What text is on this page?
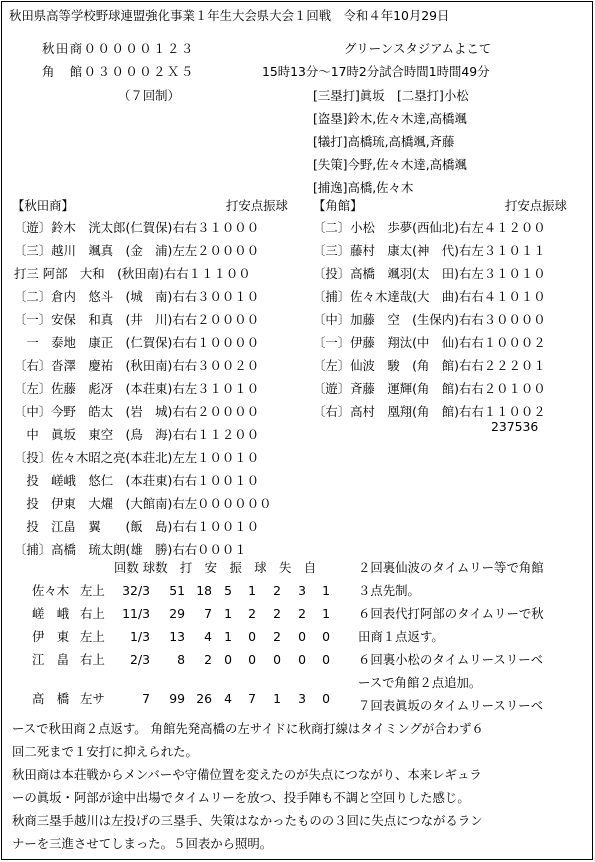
秋田県高等学校野球連盟強化事業１年生大会県大会１回戦　令和４年10月29日
秋田商０００００１２３
角　館０３０００２Ｘ５
（７回制）
グリーンスタジアムよこて
15時13分～17時2分試合時間1時間49分
[三塁打]眞坂　[二塁打]小松
[盗塁]鈴木,佐々木達,高橋颯
[犠打]高橋琉,高橋颯,斉藤
[失策]今野,佐々木達,高橋颯
[捕逸]高橋,佐々木
【秋田商】	打安点振球
〔遊〕鈴木　洸太郎(仁賀保)右右３１０００
〔三〕越川　颯真　(金　浦)左左２００００
打三 阿部　大和　(秋田南)右右１１１００
〔二〕倉内　悠斗　(城　南)右右３００１０
〔一〕安保　和真　(井　川)右右２００００
　一　泰地　康正　(仁賀保)右右１００００
〔右〕沓澤　慶祐　(秋田南)右右３００２０
〔左〕佐藤　彪冴　(本荘東)右左３１０１０
〔中〕今野　皓太　(岩　城)右右２００００
　中　眞坂　東空　(鳥　海)右右１１２００
〔投〕佐々木昭之亮(本荘北)左左１００１０
　投　嵯峨　悠仁　(本荘東)右右１００１０
　投　伊東　大燿　(大館南)右左００００００
　投　江畠　翼　　(飯　島)右右１００１０
〔捕〕高橋　琉太朗(雄　勝)右右０００１
【角館】	打安点振球
〔二〕小松　歩夢(西仙北)右左４１２００
〔三〕藤村　康太(神　代)右左３１０１１
〔投〕高橋　颯羽(太　田)右左３１０１０
〔捕〕佐々木達哉(大　曲)右右４１０１０
〔中〕加藤　空　(生保内)右右３００００
〔一〕伊藤　翔汰(中　仙)右右１０００２
〔左〕仙波　駿　(角　館)右右２２２０１
〔遊〕斉藤　運輝(角　館)右右２０１００
〔右〕高村　凰翔(角　館)右右１１００２
237536
回数 球数　打　安　振　球　失　自
佐々木 左上	32/3	51 18 5	1	2	3	1
嵯　峨 右上	11/3	29	7 1	2	2	2	1
伊　東 左上	1/3	13	4 1	0	2	0	0
江　畠 右上	2/3	8	2 0	0	0	0	0
高　橋 左サ	7	99 26 4	7	1	3	0
２回裏仙波のタイムリー等で角館
３点先制。
６回表代打阿部のタイムリーで秋
田商１点返す。
６回裏小松のタイムリースリーベ
ースで角館２点追加。
７回表眞坂のタイムリースリーベ
ースで秋田商２点返す。 角館先発高橋の左サイドに秋商打線はタイミングが合わず６
回二死まで１安打に抑えられた。
秋田商は本荘戦からメンバーや守備位置を変えたのが失点につながり、本来レギュラ
ーの眞坂・阿部が途中出場でタイムリーを放つ、投手陣も不調と空回りした感じ。
秋商三塁手越川は左投げの三塁手、失策はなかったものの３回に失点につながるラン
ナーを三進させてしまった。５回表から照明。
